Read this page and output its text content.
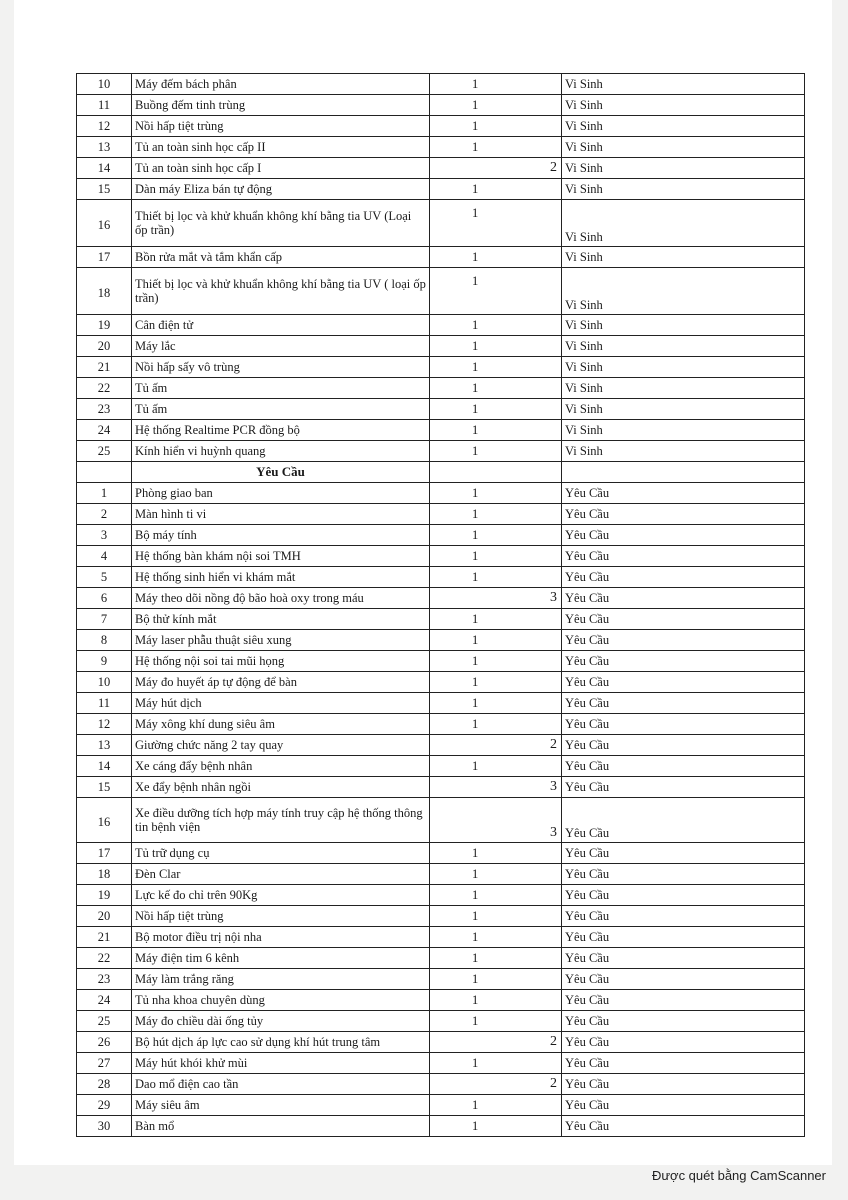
10	Máy đếm bách phân	1	Vi Sinh
11	Buồng đếm tinh trùng	1	Vi Sinh
12	Nồi hấp tiệt trùng	1	Vi Sinh
13	Tủ an toàn sinh học cấp II	1	Vi Sinh
14	Tủ an toàn sinh học cấp I	2	Vi Sinh
15	Dàn máy Eliza bán tự động	1	Vi Sinh
16	Thiết bị lọc và khử khuẩn không khí bằng tia UV (Loại ốp trần)	1	Vi Sinh
17	Bồn rửa mắt và tắm khẩn cấp	1	Vi Sinh
18	Thiết bị lọc và khử khuẩn không khí bằng tia UV ( loại ốp trần)	1	Vi Sinh
19	Cân điện tử	1	Vi Sinh
20	Máy lắc	1	Vi Sinh
21	Nồi hấp sấy vô trùng	1	Vi Sinh
22	Tủ ấm	1	Vi Sinh
23	Tủ ấm	1	Vi Sinh
24	Hệ thống Realtime PCR đồng bộ	1	Vi Sinh
25	Kính hiển vi huỳnh quang	1	Vi Sinh
	Yêu Cầu		
1	Phòng giao ban	1	Yêu Cầu
2	Màn hình ti vi	1	Yêu Cầu
3	Bộ máy tính	1	Yêu Cầu
4	Hệ thống bàn khám nội soi TMH	1	Yêu Cầu
5	Hệ thống sinh hiển vi khám mắt	1	Yêu Cầu
6	Máy theo dõi nồng độ bão hoà oxy trong máu	3	Yêu Cầu
7	Bộ thử kính mắt	1	Yêu Cầu
8	Máy laser phẫu thuật siêu xung	1	Yêu Cầu
9	Hệ thống nội soi tai mũi họng	1	Yêu Cầu
10	Máy đo huyết áp tự động để bàn	1	Yêu Cầu
11	Máy hút dịch	1	Yêu Cầu
12	Máy xông khí dung siêu âm	1	Yêu Cầu
13	Giường chức năng 2 tay quay	2	Yêu Cầu
14	Xe cáng đẩy bệnh nhân	1	Yêu Cầu
15	Xe đẩy bệnh nhân ngồi	3	Yêu Cầu
16	Xe điều dưỡng tích hợp máy tính truy cập hệ thống thông tin bệnh viện	3	Yêu Cầu
17	Tủ trữ dụng cụ	1	Yêu Cầu
18	Đèn Clar	1	Yêu Cầu
19	Lực kế đo chỉ trên 90Kg	1	Yêu Cầu
20	Nồi hấp tiệt trùng	1	Yêu Cầu
21	Bộ motor điều trị nội nha	1	Yêu Cầu
22	Máy điện tim 6 kênh	1	Yêu Cầu
23	Máy làm trắng răng	1	Yêu Cầu
24	Tủ nha khoa chuyên dùng	1	Yêu Cầu
25	Máy đo chiều dài ống tủy	1	Yêu Cầu
26	Bộ hút dịch áp lực cao sử dụng khí hút trung tâm	2	Yêu Cầu
27	Máy hút khói khử mùi	1	Yêu Cầu
28	Dao mổ điện cao tần	2	Yêu Cầu
29	Máy siêu âm	1	Yêu Cầu
30	Bàn mổ	1	Yêu Cầu
Được quét bằng CamScanner
